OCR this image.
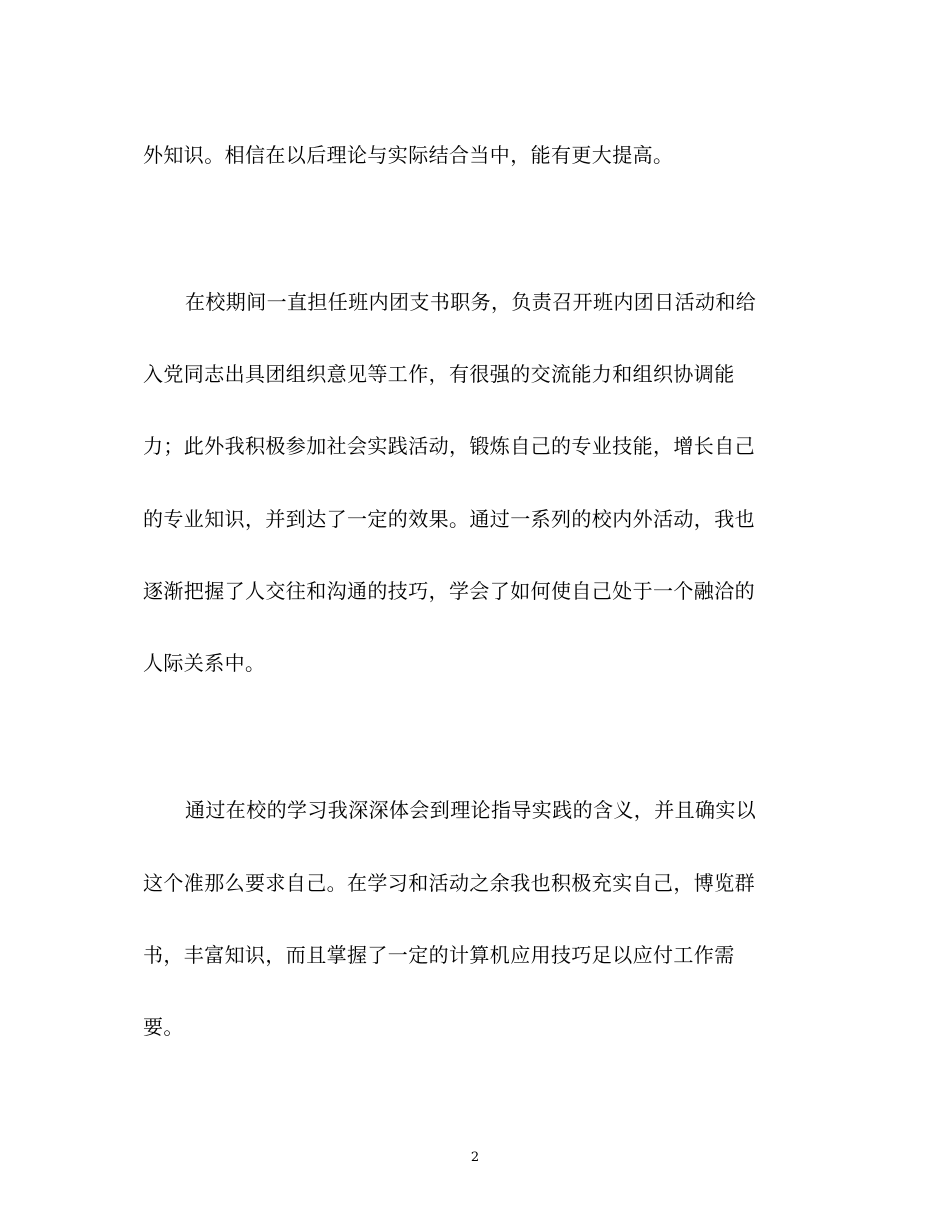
外知识。相信在以后理论与实际结合当中，能有更大提高。
在校期间一直担任班内团支书职务，负责召开班内团日活动和给
入党同志出具团组织意见等工作，有很强的交流能力和组织协调能
力；此外我积极参加社会实践活动，锻炼自己的专业技能，增长自己
的专业知识，并到达了一定的效果。通过一系列的校内外活动，我也
逐渐把握了人交往和沟通的技巧，学会了如何使自己处于一个融洽的
人际关系中。
通过在校的学习我深深体会到理论指导实践的含义，并且确实以
这个准那么要求自己。在学习和活动之余我也积极充实自己，博览群
书，丰富知识，而且掌握了一定的计算机应用技巧足以应付工作需
要。
2
